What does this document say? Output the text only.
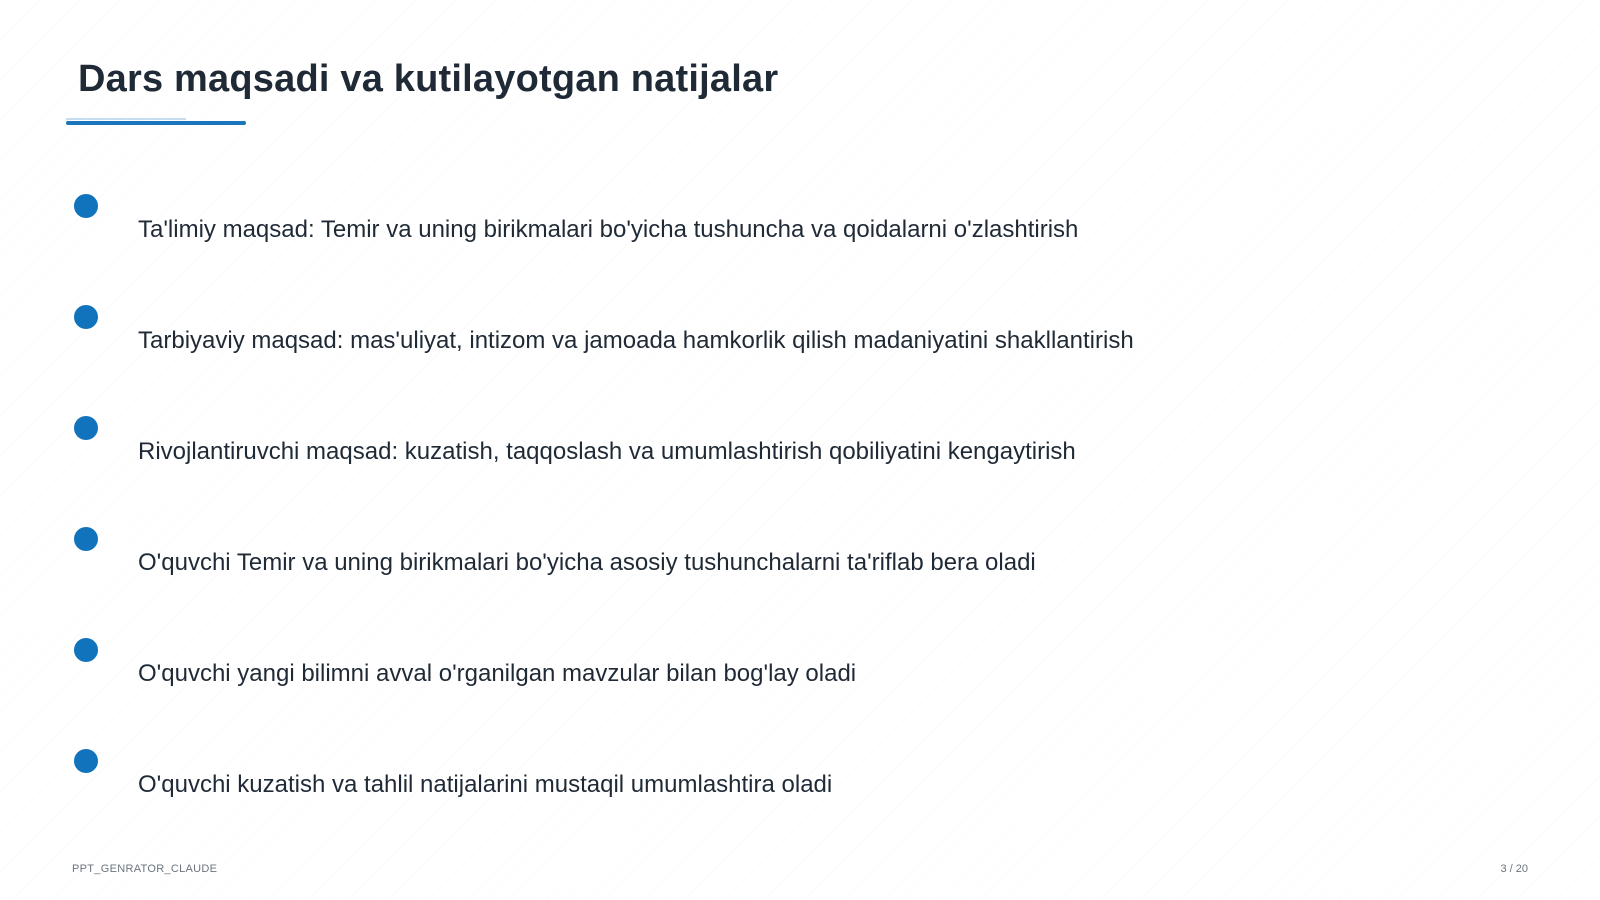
Dars maqsadi va kutilayotgan natijalar
Ta'limiy maqsad: Temir va uning birikmalari bo'yicha tushuncha va qoidalarni o'zlashtirish
Tarbiyaviy maqsad: mas'uliyat, intizom va jamoada hamkorlik qilish madaniyatini shakllantirish
Rivojlantiruvchi maqsad: kuzatish, taqqoslash va umumlashtirish qobiliyatini kengaytirish
O'quvchi Temir va uning birikmalari bo'yicha asosiy tushunchalarni ta'riflab bera oladi
O'quvchi yangi bilimni avval o'rganilgan mavzular bilan bog'lay oladi
O'quvchi kuzatish va tahlil natijalarini mustaqil umumlashtira oladi
PPT_GENRATOR_CLAUDE	3 / 20
